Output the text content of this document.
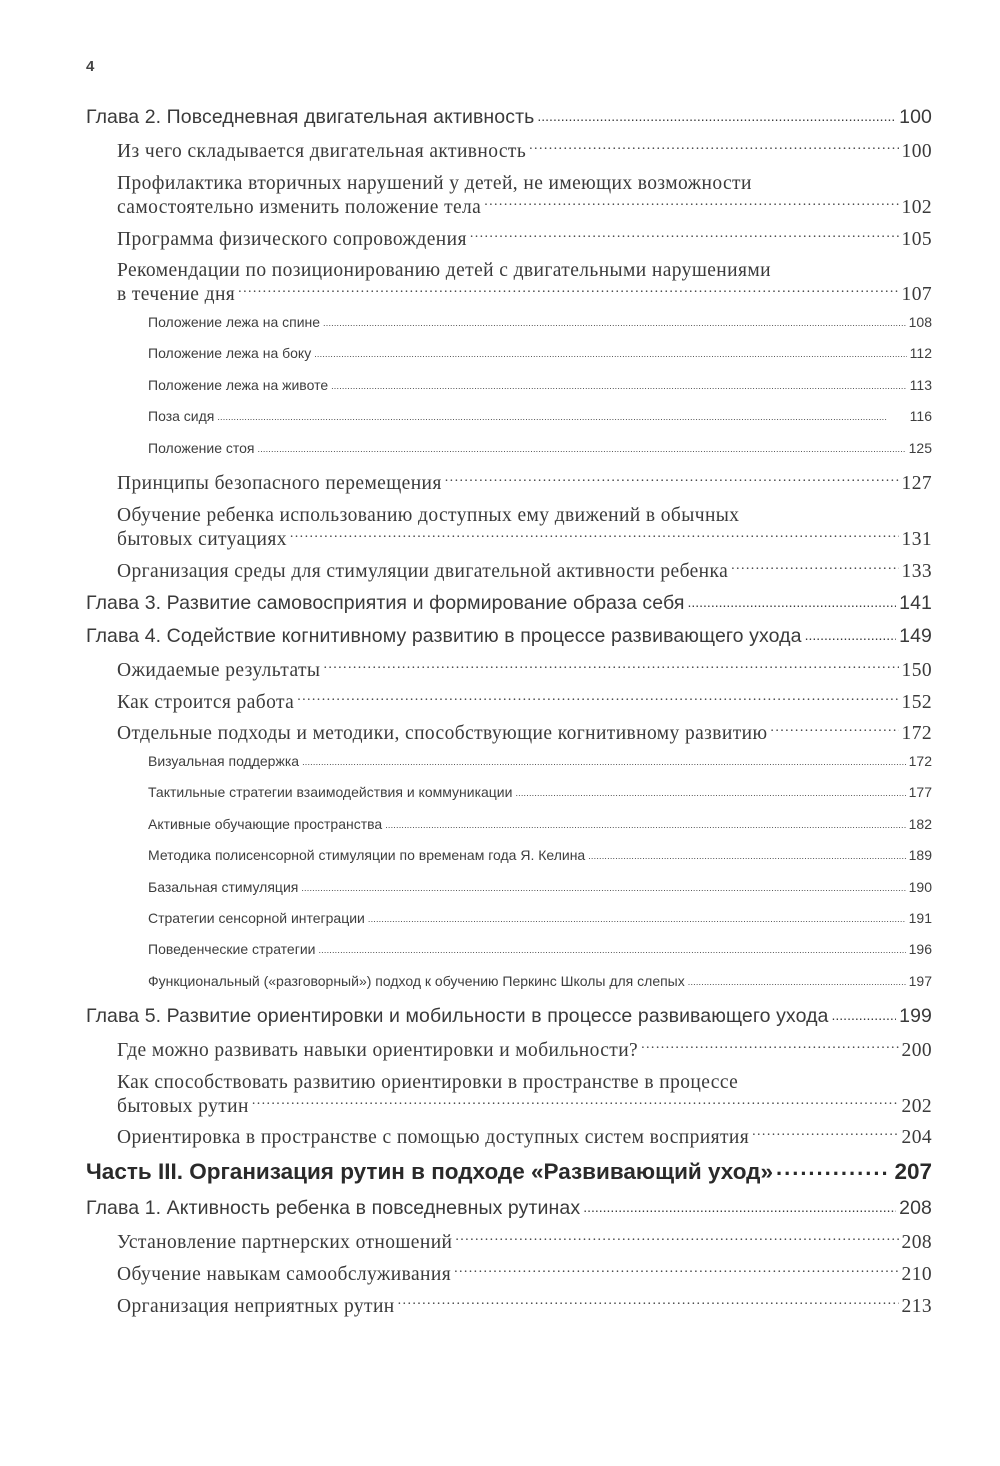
4
Глава 2. Повседневная двигательная активность .....	100
Из чего складывается двигательная активность .....	100
Профилактика вторичных нарушений у детей, не имеющих возможности
самостоятельно изменить положение тела .....	102
Программа физического сопровождения .....	105
Рекомендации по позиционированию детей с двигательными нарушениями
в течение дня .....	107
Положение лежа на спине .....	108
Положение лежа на боку .....	112
Положение лежа на животе .....	113
Поза сидя .....	116
Положение стоя .....	125
Принципы безопасного перемещения .....	127
Обучение ребенка использованию доступных ему движений в обычных
бытовых ситуациях .....	131
Организация среды для стимуляции двигательной активности ребенка .....	133
Глава 3. Развитие самовосприятия и формирование образа себя .....	141
Глава 4. Содействие когнитивному развитию в процессе развивающего ухода .....	149
Ожидаемые результаты .....	150
Как строится работа .....	152
Отдельные подходы и методики, способствующие когнитивному развитию .....	172
Визуальная поддержка .....	172
Тактильные стратегии взаимодействия и коммуникации .....	177
Активные обучающие пространства .....	182
Методика полисенсорной стимуляции по временам года Я. Келина .....	189
Базальная стимуляция .....	190
Стратегии сенсорной интеграции .....	191
Поведенческие стратегии .....	196
Функциональный («разговорный») подход к обучению Перкинс Школы для слепых .....	197
Глава 5. Развитие ориентировки и мобильности в процессе развивающего ухода .....	199
Где можно развивать навыки ориентировки и мобильности? .....	200
Как способствовать развитию ориентировки в пространстве в процессе
бытовых рутин .....	202
Ориентировка в пространстве с помощью доступных систем восприятия .....	204
Часть III. Организация рутин в подходе «Развивающий уход» .....	207
Глава 1. Активность ребенка в повседневных рутинах .....	208
Установление партнерских отношений .....	208
Обучение навыкам самообслуживания .....	210
Организация неприятных рутин .....	213
